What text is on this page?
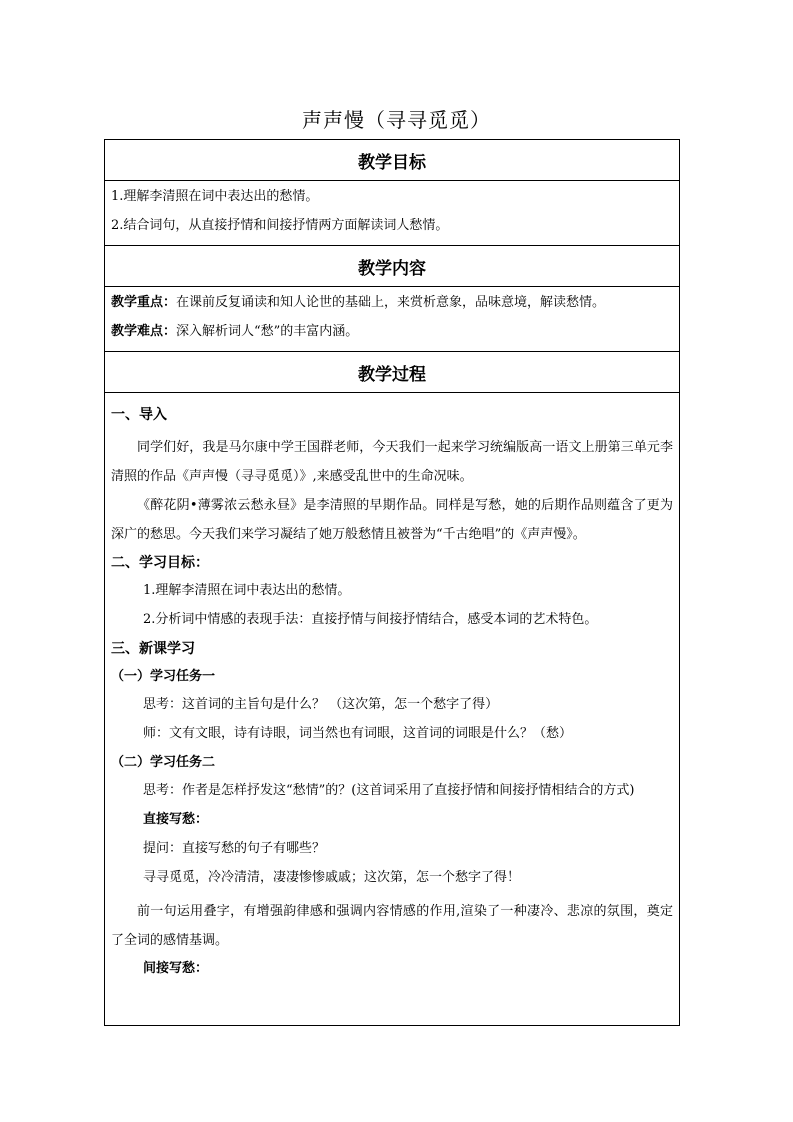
声声慢（寻寻觅觅）
教学目标

1.理解李清照在词中表达出的愁情。
2.结合词句，从直接抒情和间接抒情两方面解读词人愁情。

教学内容

教学重点：在课前反复诵读和知人论世的基础上，来赏析意象，品味意境，解读愁情。
教学难点：深入解析词人“愁”的丰富内涵。

教学过程

一、导入

同学们好，我是马尔康中学王国群老师，今天我们一起来学习统编版高一语文上册第三单元李清照的作品《声声慢（寻寻觅觅）》,来感受乱世中的生命况味。

《醉花阴•薄雾浓云愁永昼》是李清照的早期作品。同样是写愁，她的后期作品则蕴含了更为深广的愁思。今天我们来学习凝结了她万般愁情且被誉为“千古绝唱”的《声声慢》。

二、学习目标：
1.理解李清照在词中表达出的愁情。
2.分析词中情感的表现手法：直接抒情与间接抒情结合，感受本词的艺术特色。
三、新课学习
（一）学习任务一
思考：这首词的主旨句是什么？ （这次第，怎一个愁字了得）
师：文有文眼，诗有诗眼，词当然也有词眼，这首词的词眼是什么？（愁）
（二）学习任务二
思考：作者是怎样抒发这“愁情”的？(这首词采用了直接抒情和间接抒情相结合的方式)
直接写愁：
提问：直接写愁的句子有哪些？
寻寻觅觅，冷冷清清，凄凄惨惨戚戚；这次第，怎一个愁字了得！

前一句运用叠字，有增强韵律感和强调内容情感的作用,渲染了一种凄冷、悲凉的氛围，奠定了全词的感情基调。

间接写愁：
